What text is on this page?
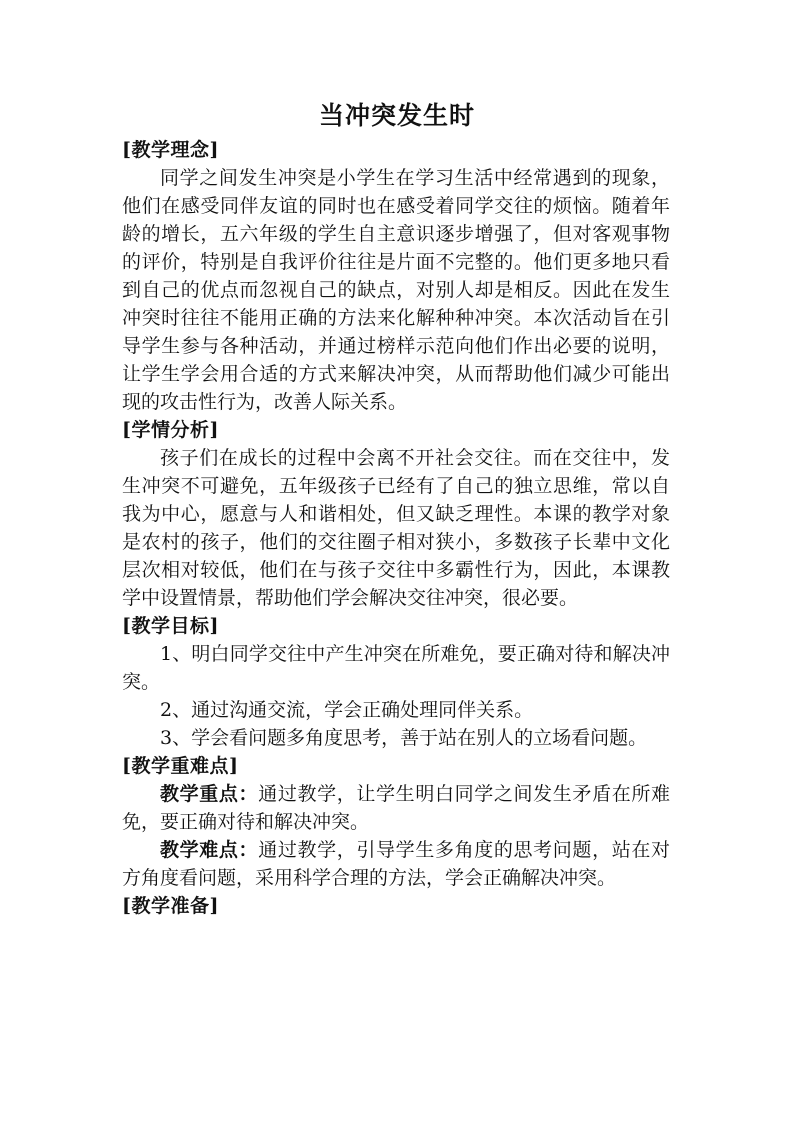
当冲突发生时

[教学理念]

同学之间发生冲突是小学生在学习生活中经常遇到的现象，他们在感受同伴友谊的同时也在感受着同学交往的烦恼。随着年龄的增长，五六年级的学生自主意识逐步增强了，但对客观事物的评价，特别是自我评价往往是片面不完整的。他们更多地只看到自己的优点而忽视自己的缺点，对别人却是相反。因此在发生冲突时往往不能用正确的方法来化解种种冲突。本次活动旨在引导学生参与各种活动，并通过榜样示范向他们作出必要的说明，让学生学会用合适的方式来解决冲突，从而帮助他们减少可能出现的攻击性行为，改善人际关系。

[学情分析]

孩子们在成长的过程中会离不开社会交往。而在交往中，发生冲突不可避免，五年级孩子已经有了自己的独立思维，常以自我为中心，愿意与人和谐相处，但又缺乏理性。本课的教学对象是农村的孩子，他们的交往圈子相对狭小，多数孩子长辈中文化层次相对较低，他们在与孩子交往中多霸性行为，因此，本课教学中设置情景，帮助他们学会解决交往冲突，很必要。

[教学目标]

1、明白同学交往中产生冲突在所难免，要正确对待和解决冲突。

2、通过沟通交流，学会正确处理同伴关系。

3、学会看问题多角度思考，善于站在别人的立场看问题。

[教学重难点]

教学重点：通过教学，让学生明白同学之间发生矛盾在所难免，要正确对待和解决冲突。

教学难点：通过教学，引导学生多角度的思考问题，站在对方角度看问题，采用科学合理的方法，学会正确解决冲突。

[教学准备]
